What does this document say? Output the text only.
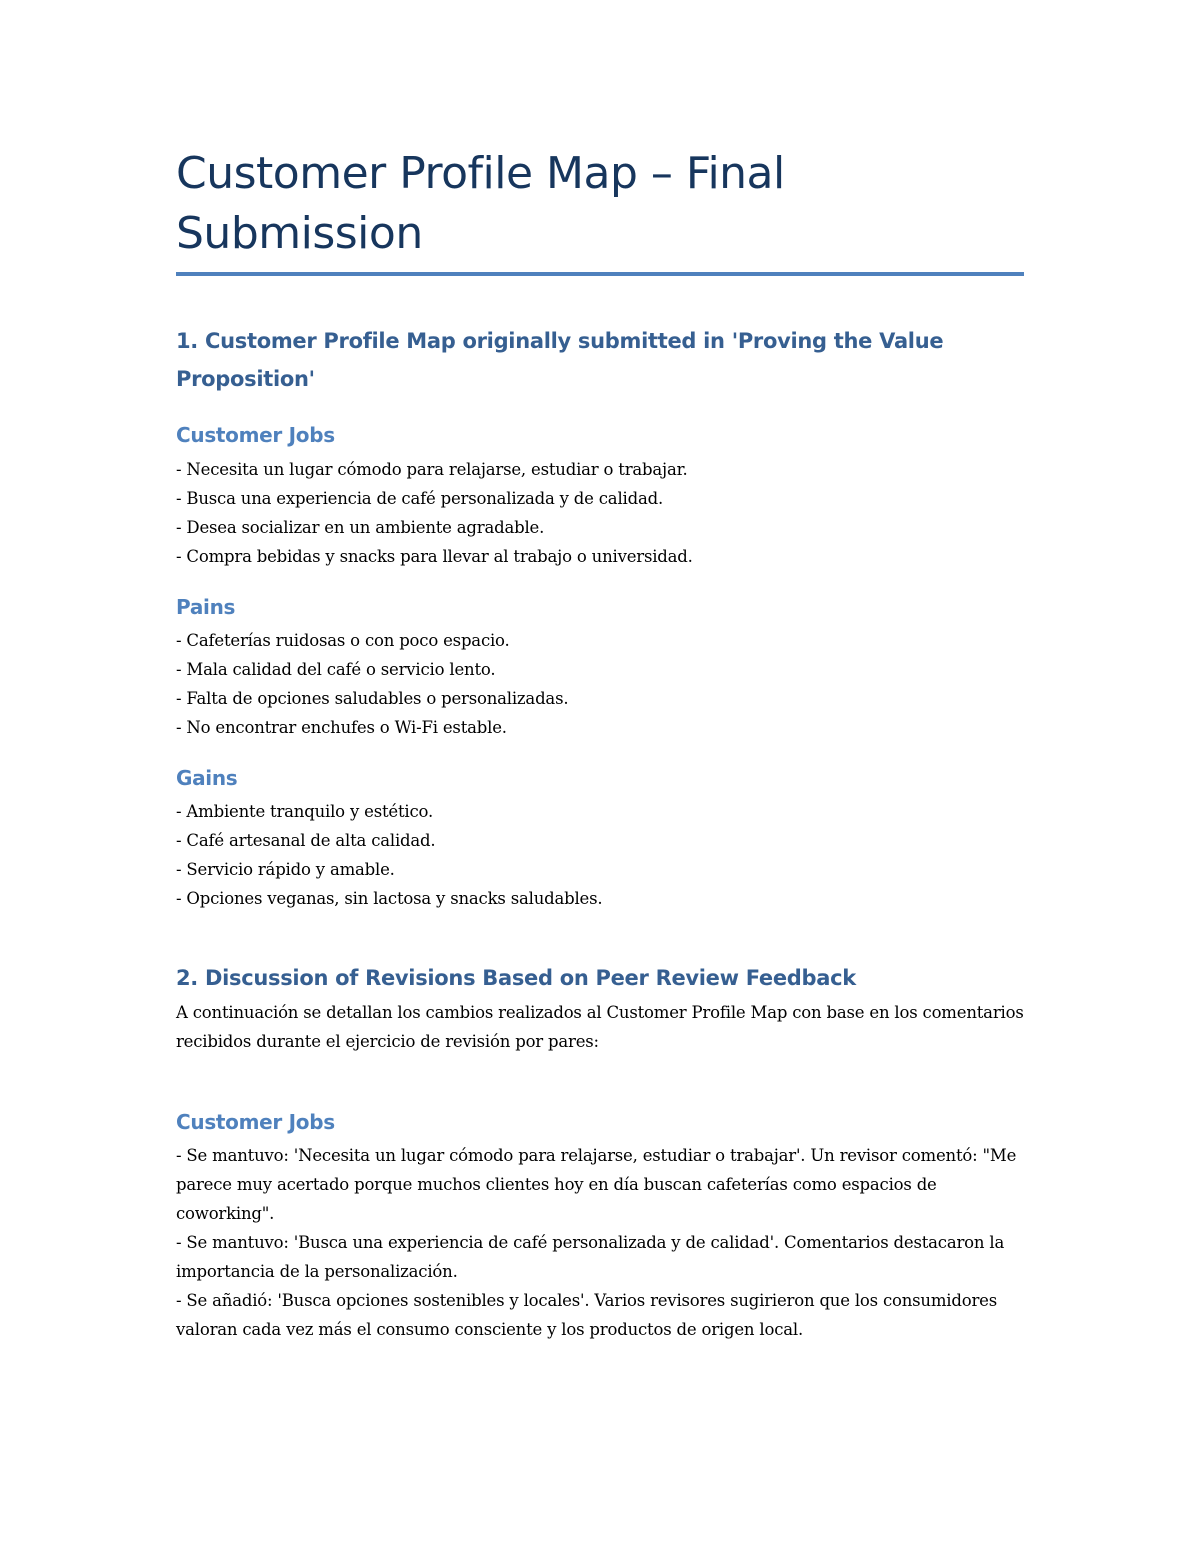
Customer Profile Map – Final Submission
1. Customer Profile Map originally submitted in 'Proving the Value Proposition'
Customer Jobs
- Necesita un lugar cómodo para relajarse, estudiar o trabajar.
- Busca una experiencia de café personalizada y de calidad.
- Desea socializar en un ambiente agradable.
- Compra bebidas y snacks para llevar al trabajo o universidad.
Pains
- Cafeterías ruidosas o con poco espacio.
- Mala calidad del café o servicio lento.
- Falta de opciones saludables o personalizadas.
- No encontrar enchufes o Wi-Fi estable.
Gains
- Ambiente tranquilo y estético.
- Café artesanal de alta calidad.
- Servicio rápido y amable.
- Opciones veganas, sin lactosa y snacks saludables.
2. Discussion of Revisions Based on Peer Review Feedback

A continuación se detallan los cambios realizados al Customer Profile Map con base en los comentarios recibidos durante el ejercicio de revisión por pares:

Customer Jobs

- Se mantuvo: 'Necesita un lugar cómodo para relajarse, estudiar o trabajar'. Un revisor comentó: "Me parece muy acertado porque muchos clientes hoy en día buscan cafeterías como espacios de coworking".

- Se mantuvo: 'Busca una experiencia de café personalizada y de calidad'. Comentarios destacaron la importancia de la personalización.

- Se añadió: 'Busca opciones sostenibles y locales'. Varios revisores sugirieron que los consumidores valoran cada vez más el consumo consciente y los productos de origen local.
